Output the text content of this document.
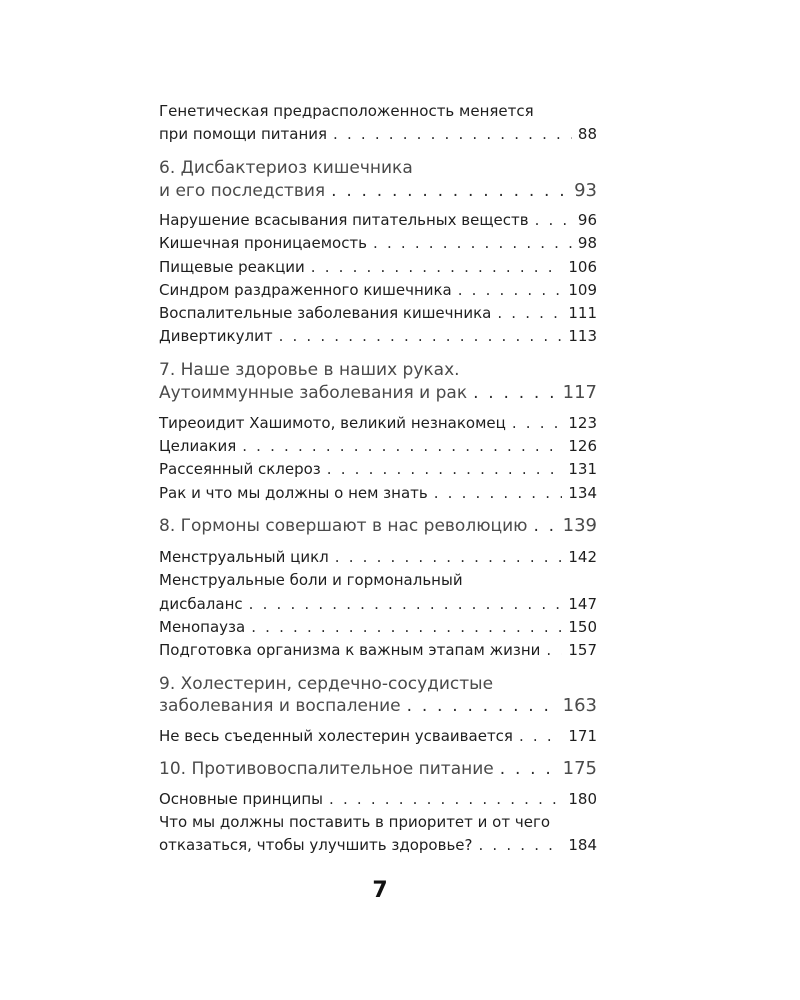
Генетическая предрасположенность меняется
при помощи питания . . .	88
6. Дисбактериоз кишечника
и его последствия . . .	93
Нарушение всасывания питательных веществ . . .	96
Кишечная проницаемость . . .	98
Пищевые реакции . . .	106
Синдром раздраженного кишечника . . .	109
Воспалительные заболевания кишечника . . .	111
Дивертикулит . . .	113
7. Наше здоровье в наших руках.
Аутоиммунные заболевания и рак . . .	117
Тиреоидит Хашимото, великий незнакомец . . .	123
Целиакия . . .	126
Рассеянный склероз . . .	131
Рак и что мы должны о нем знать . . .	134
8. Гормоны совершают в нас революцию . . . 139
Менструальный цикл . . .	142
Менструальные боли и гормональный
дисбаланс . . .	147
Менопауза . . .	150
Подготовка организма к важным этапам жизни . . . 157
9. Холестерин, сердечно-сосудистые
заболевания и воспаление . . .	163
Не весь съеденный холестерин усваивается . . .	171
10. Противовоспалительное питание . . .	175
Основные принципы . . .	180
Что мы должны поставить в приоритет и от чего
отказаться, чтобы улучшить здоровье? . . .	184
7
